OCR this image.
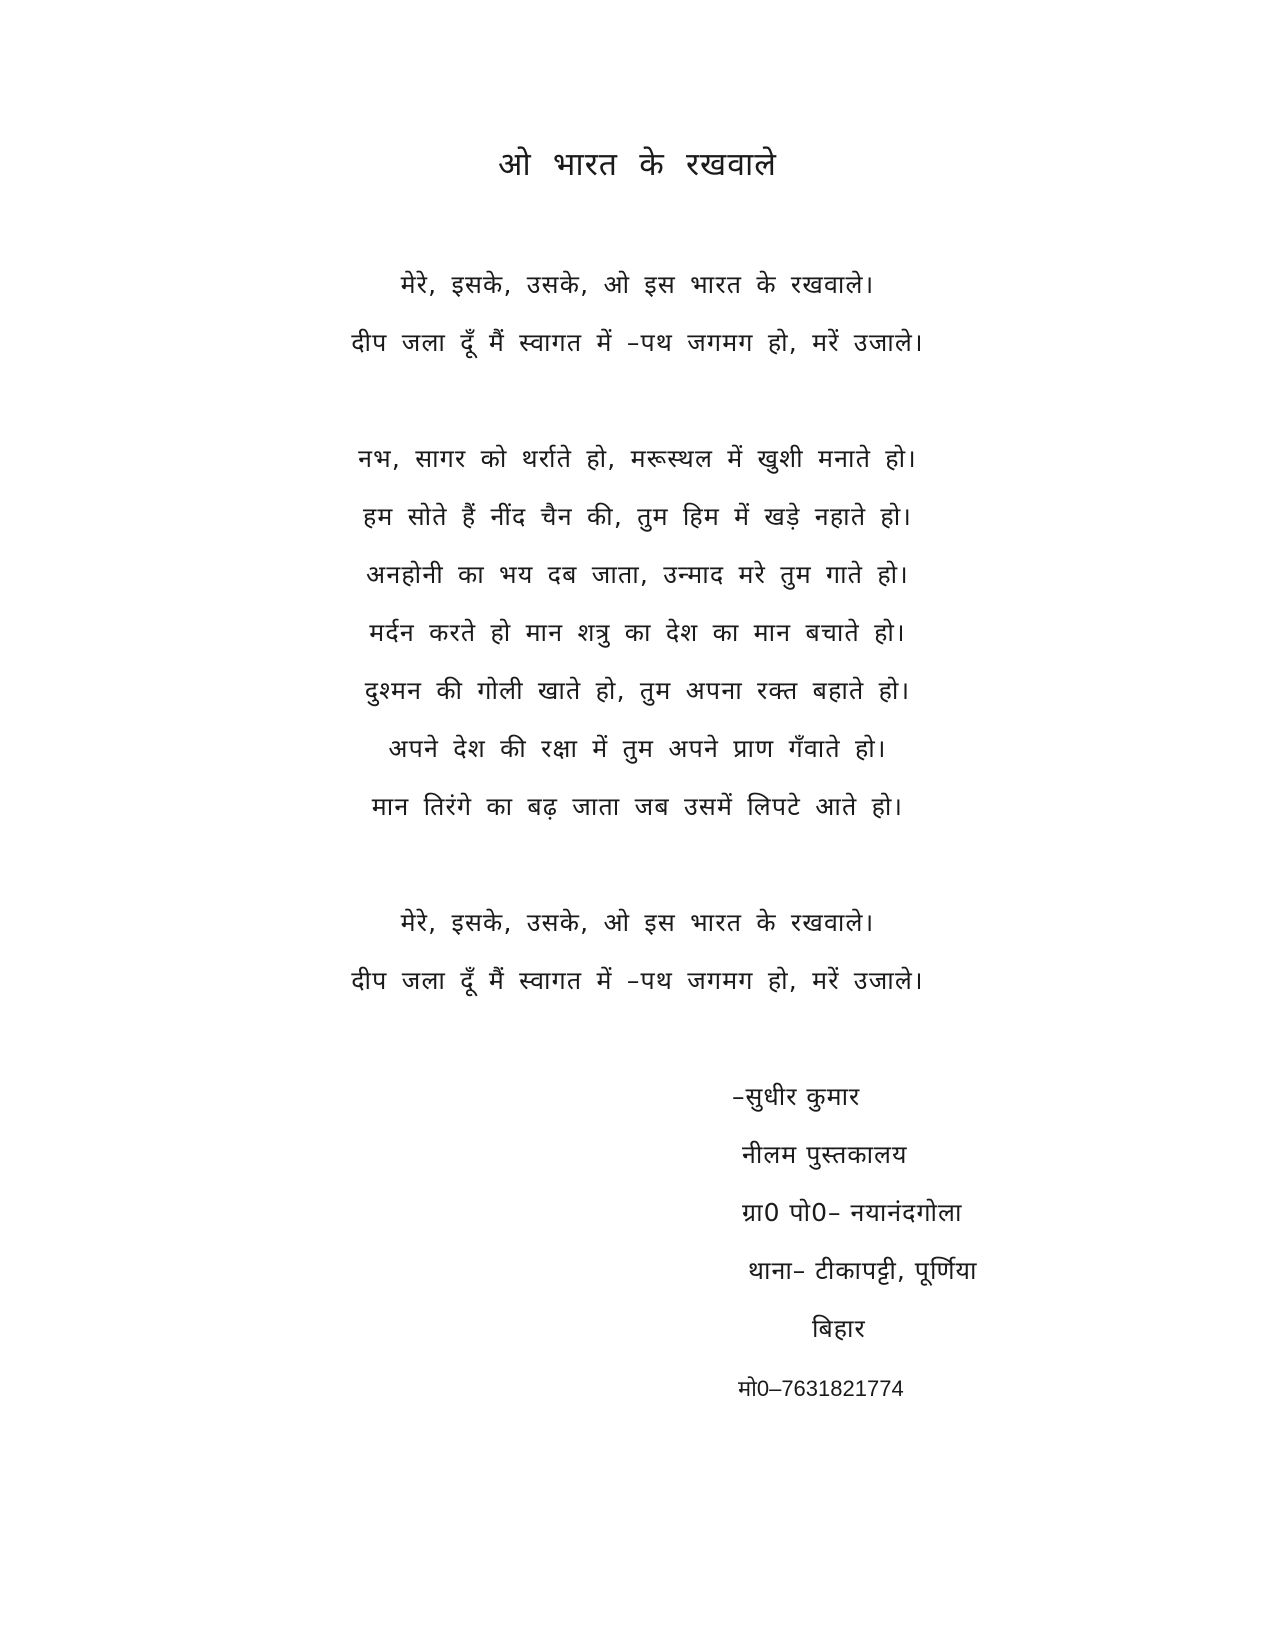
ओ भारत के रखवाले
मेरे, इसके, उसके, ओ इस भारत के रखवाले।
दीप जला दूँ मैं स्वागत में –पथ जगमग हो, मरें उजाले।
नभ, सागर को थर्राते हो, मरूस्थल में खुशी मनाते हो।
हम सोते हैं नींद चैन की, तुम हिम में खड़े नहाते हो।
अनहोनी का भय दब जाता, उन्माद मरे तुम गाते हो।
मर्दन करते हो मान शत्रु का देश का मान बचाते हो।
दुश्मन की गोली खाते हो, तुम अपना रक्त बहाते हो।
अपने देश की रक्षा में तुम अपने प्राण गँवाते हो।
मान तिरंगे का बढ़ जाता जब उसमें लिपटे आते हो।
मेरे, इसके, उसके, ओ इस भारत के रखवाले।
दीप जला दूँ मैं स्वागत में –पथ जगमग हो, मरें उजाले।
–सुधीर कुमार
नीलम पुस्तकालय
ग्रा0 पो0– नयानंदगोला
थाना– टीकापट्टी, पूर्णिया
बिहार
मो0–7631821774
